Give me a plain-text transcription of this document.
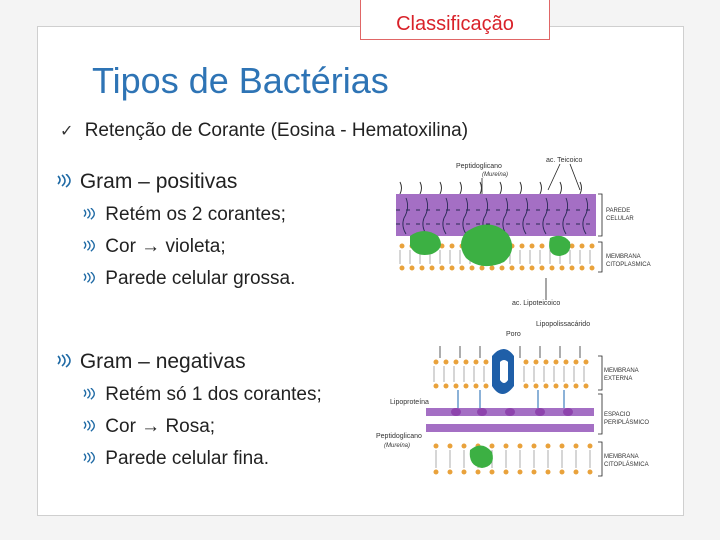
Classificação
Tipos de Bactérias
✓ Retenção de Corante (Eosina - Hematoxilina)
Gram – positivas
Retém os 2 corantes;
Cor → violeta;
Parede celular grossa.
Gram – negativas
Retém só 1 dos corantes;
Cor → Rosa;
Parede celular fina.
Peptidoglicano
(Mureína)
ac. Teicoico
ac. Lipoteicoico
PAREDE
CELULAR
MEMBRANA
CITOPLASMICA
Lipopolissacárido
Poro
Lipoproteína
Peptidoglicano
(Mureína)
MEMBRANA
EXTERNA
ESPACIO
PERIPLÁSMICO
MEMBRANA
CITOPLÁSMICA
